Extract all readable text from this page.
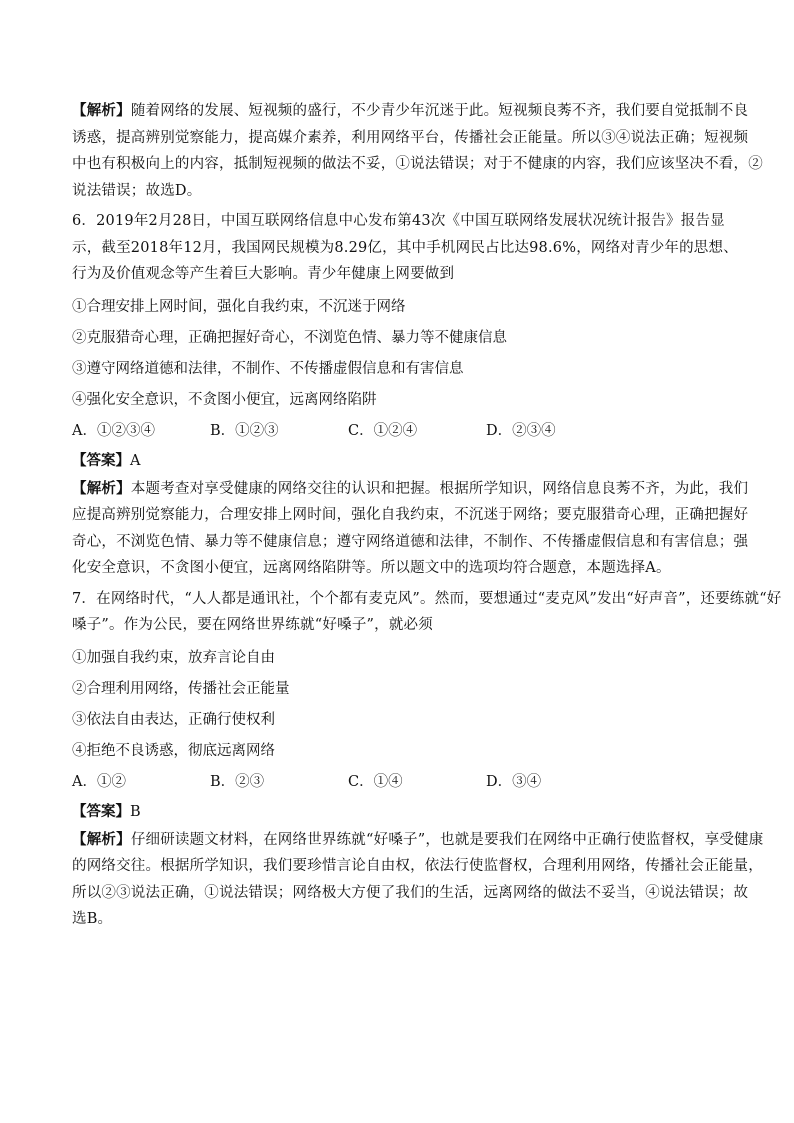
【解析】随着网络的发展、短视频的盛行，不少青少年沉迷于此。短视频良莠不齐，我们要自觉抵制不良
诱惑，提高辨别觉察能力，提高媒介素养，利用网络平台，传播社会正能量。所以③④说法正确；短视频
中也有积极向上的内容，抵制短视频的做法不妥，①说法错误；对于不健康的内容，我们应该坚决不看，②
说法错误；故选D。
6．2019年2月28日，中国互联网络信息中心发布第43次《中国互联网络发展状况统计报告》报告显
示，截至2018年12月，我国网民规模为8.29亿，其中手机网民占比达98.6%，网络对青少年的思想、
行为及价值观念等产生着巨大影响。青少年健康上网要做到

①合理安排上网时间，强化自我约束，不沉迷于网络

②克服猎奇心理，正确把握好奇心，不浏览色情、暴力等不健康信息

③遵守网络道德和法律，不制作、不传播虚假信息和有害信息

④强化安全意识，不贪图小便宜，远离网络陷阱

A．①②③④	B．①②③	C．①②④	D．②③④

【答案】A

【解析】本题考查对享受健康的网络交往的认识和把握。根据所学知识，网络信息良莠不齐，为此，我们
应提高辨别觉察能力，合理安排上网时间，强化自我约束，不沉迷于网络；要克服猎奇心理，正确把握好
奇心，不浏览色情、暴力等不健康信息；遵守网络道德和法律，不制作、不传播虚假信息和有害信息；强
化安全意识，不贪图小便宜，远离网络陷阱等。所以题文中的选项均符合题意，本题选择A。
7．在网络时代，“人人都是通讯社，个个都有麦克风”。然而，要想通过“麦克风”发出“好声音”，还要练就“好
嗓子”。作为公民，要在网络世界练就“好嗓子”，就必须

①加强自我约束，放弃言论自由

②合理利用网络，传播社会正能量

③依法自由表达，正确行使权利

④拒绝不良诱惑，彻底远离网络

A．①②	B．②③	C．①④	D．③④

【答案】B

【解析】仔细研读题文材料，在网络世界练就“好嗓子”，也就是要我们在网络中正确行使监督权，享受健康
的网络交往。根据所学知识，我们要珍惜言论自由权，依法行使监督权，合理利用网络，传播社会正能量，
所以②③说法正确，①说法错误；网络极大方便了我们的生活，远离网络的做法不妥当，④说法错误；故
选B。
